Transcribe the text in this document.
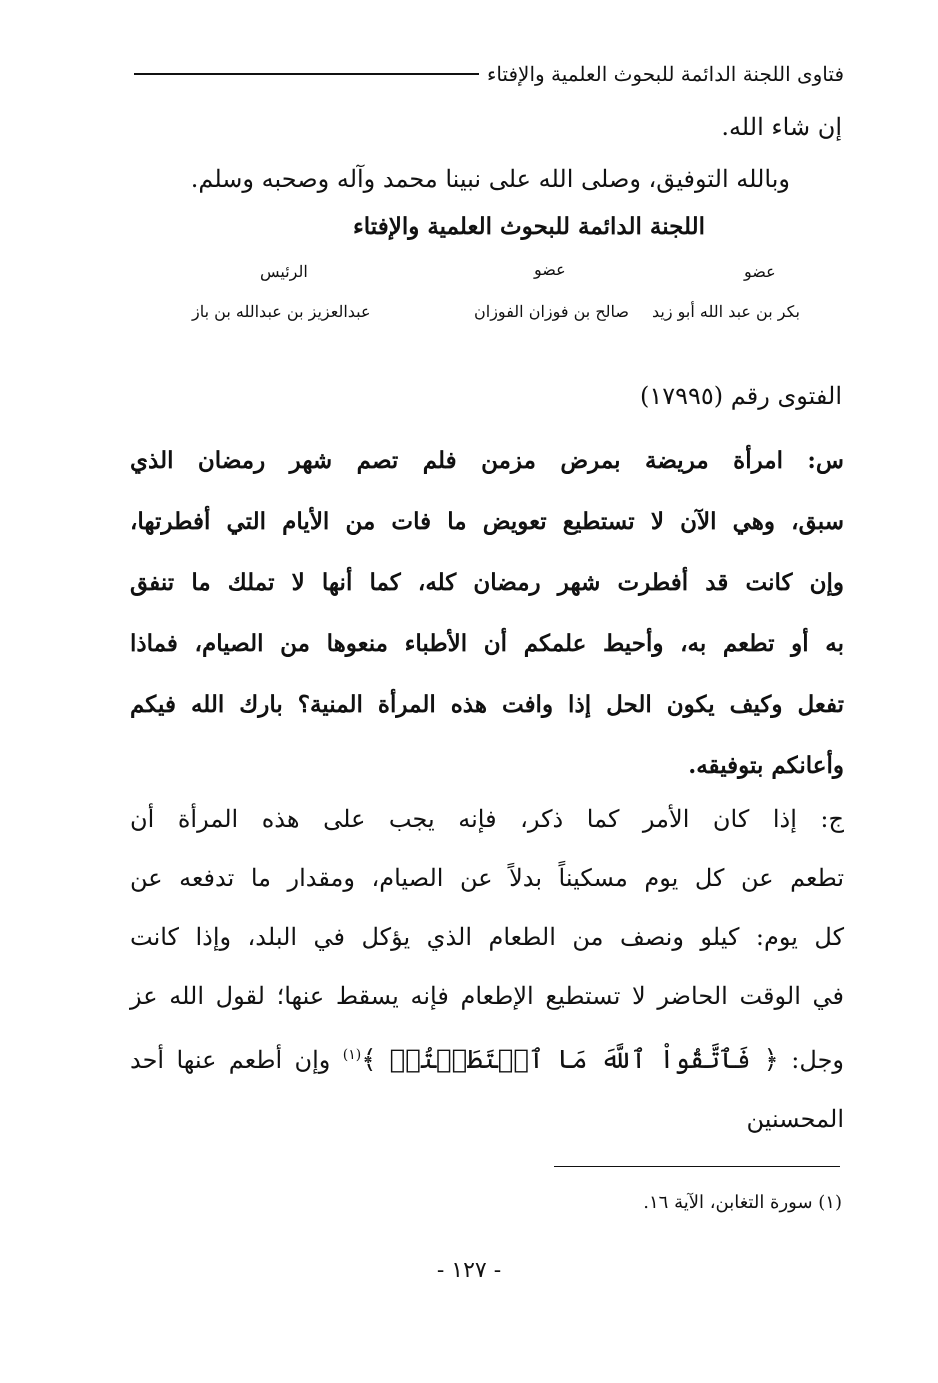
فتاوى اللجنة الدائمة للبحوث العلمية والإفتاء
إن شاء الله.
وبالله التوفيق، وصلى الله على نبينا محمد وآله وصحبه وسلم.
اللجنة الدائمة للبحوث العلمية والإفتاء
عضو
عضو
الرئيس
بكر بن عبد الله أبو زيد
صالح بن فوزان الفوزان
عبدالعزيز بن عبدالله بن باز
الفتوى رقم (١٧٩٩٥)

س: امرأة مريضة بمرض مزمن فلم تصم شهر رمضان الذي

سبق، وهي الآن لا تستطيع تعويض ما فات من الأيام التي أفطرتها،

وإن كانت قد أفطرت شهر رمضان كله، كما أنها لا تملك ما تنفق

به أو تطعم به، وأحيط علمكم أن الأطباء منعوها من الصيام، فماذا

تفعل وكيف يكون الحل إذا وافت هذه المرأة المنية؟ بارك الله فيكم

وأعانكم بتوفيقه.

ج: إذا كان الأمر كما ذكر، فإنه يجب على هذه المرأة أن

تطعم عن كل يوم مسكيناً بدلاً عن الصيام، ومقدار ما تدفعه عن

كل يوم: كيلو ونصف من الطعام الذي يؤكل في البلد، وإذا كانت

في الوقت الحاضر لا تستطيع الإطعام فإنه يسقط عنها؛ لقول الله عز

وجل: ﴿ فَٱتَّقُواْ ٱللَّهَ مَا ٱسۡتَطَعۡتُمۡ ﴾$^{(١)}$ وإن أطعم عنها أحد المحسنين

(١) سورة التغابن، الآية ١٦.
- ١٢٧ -
